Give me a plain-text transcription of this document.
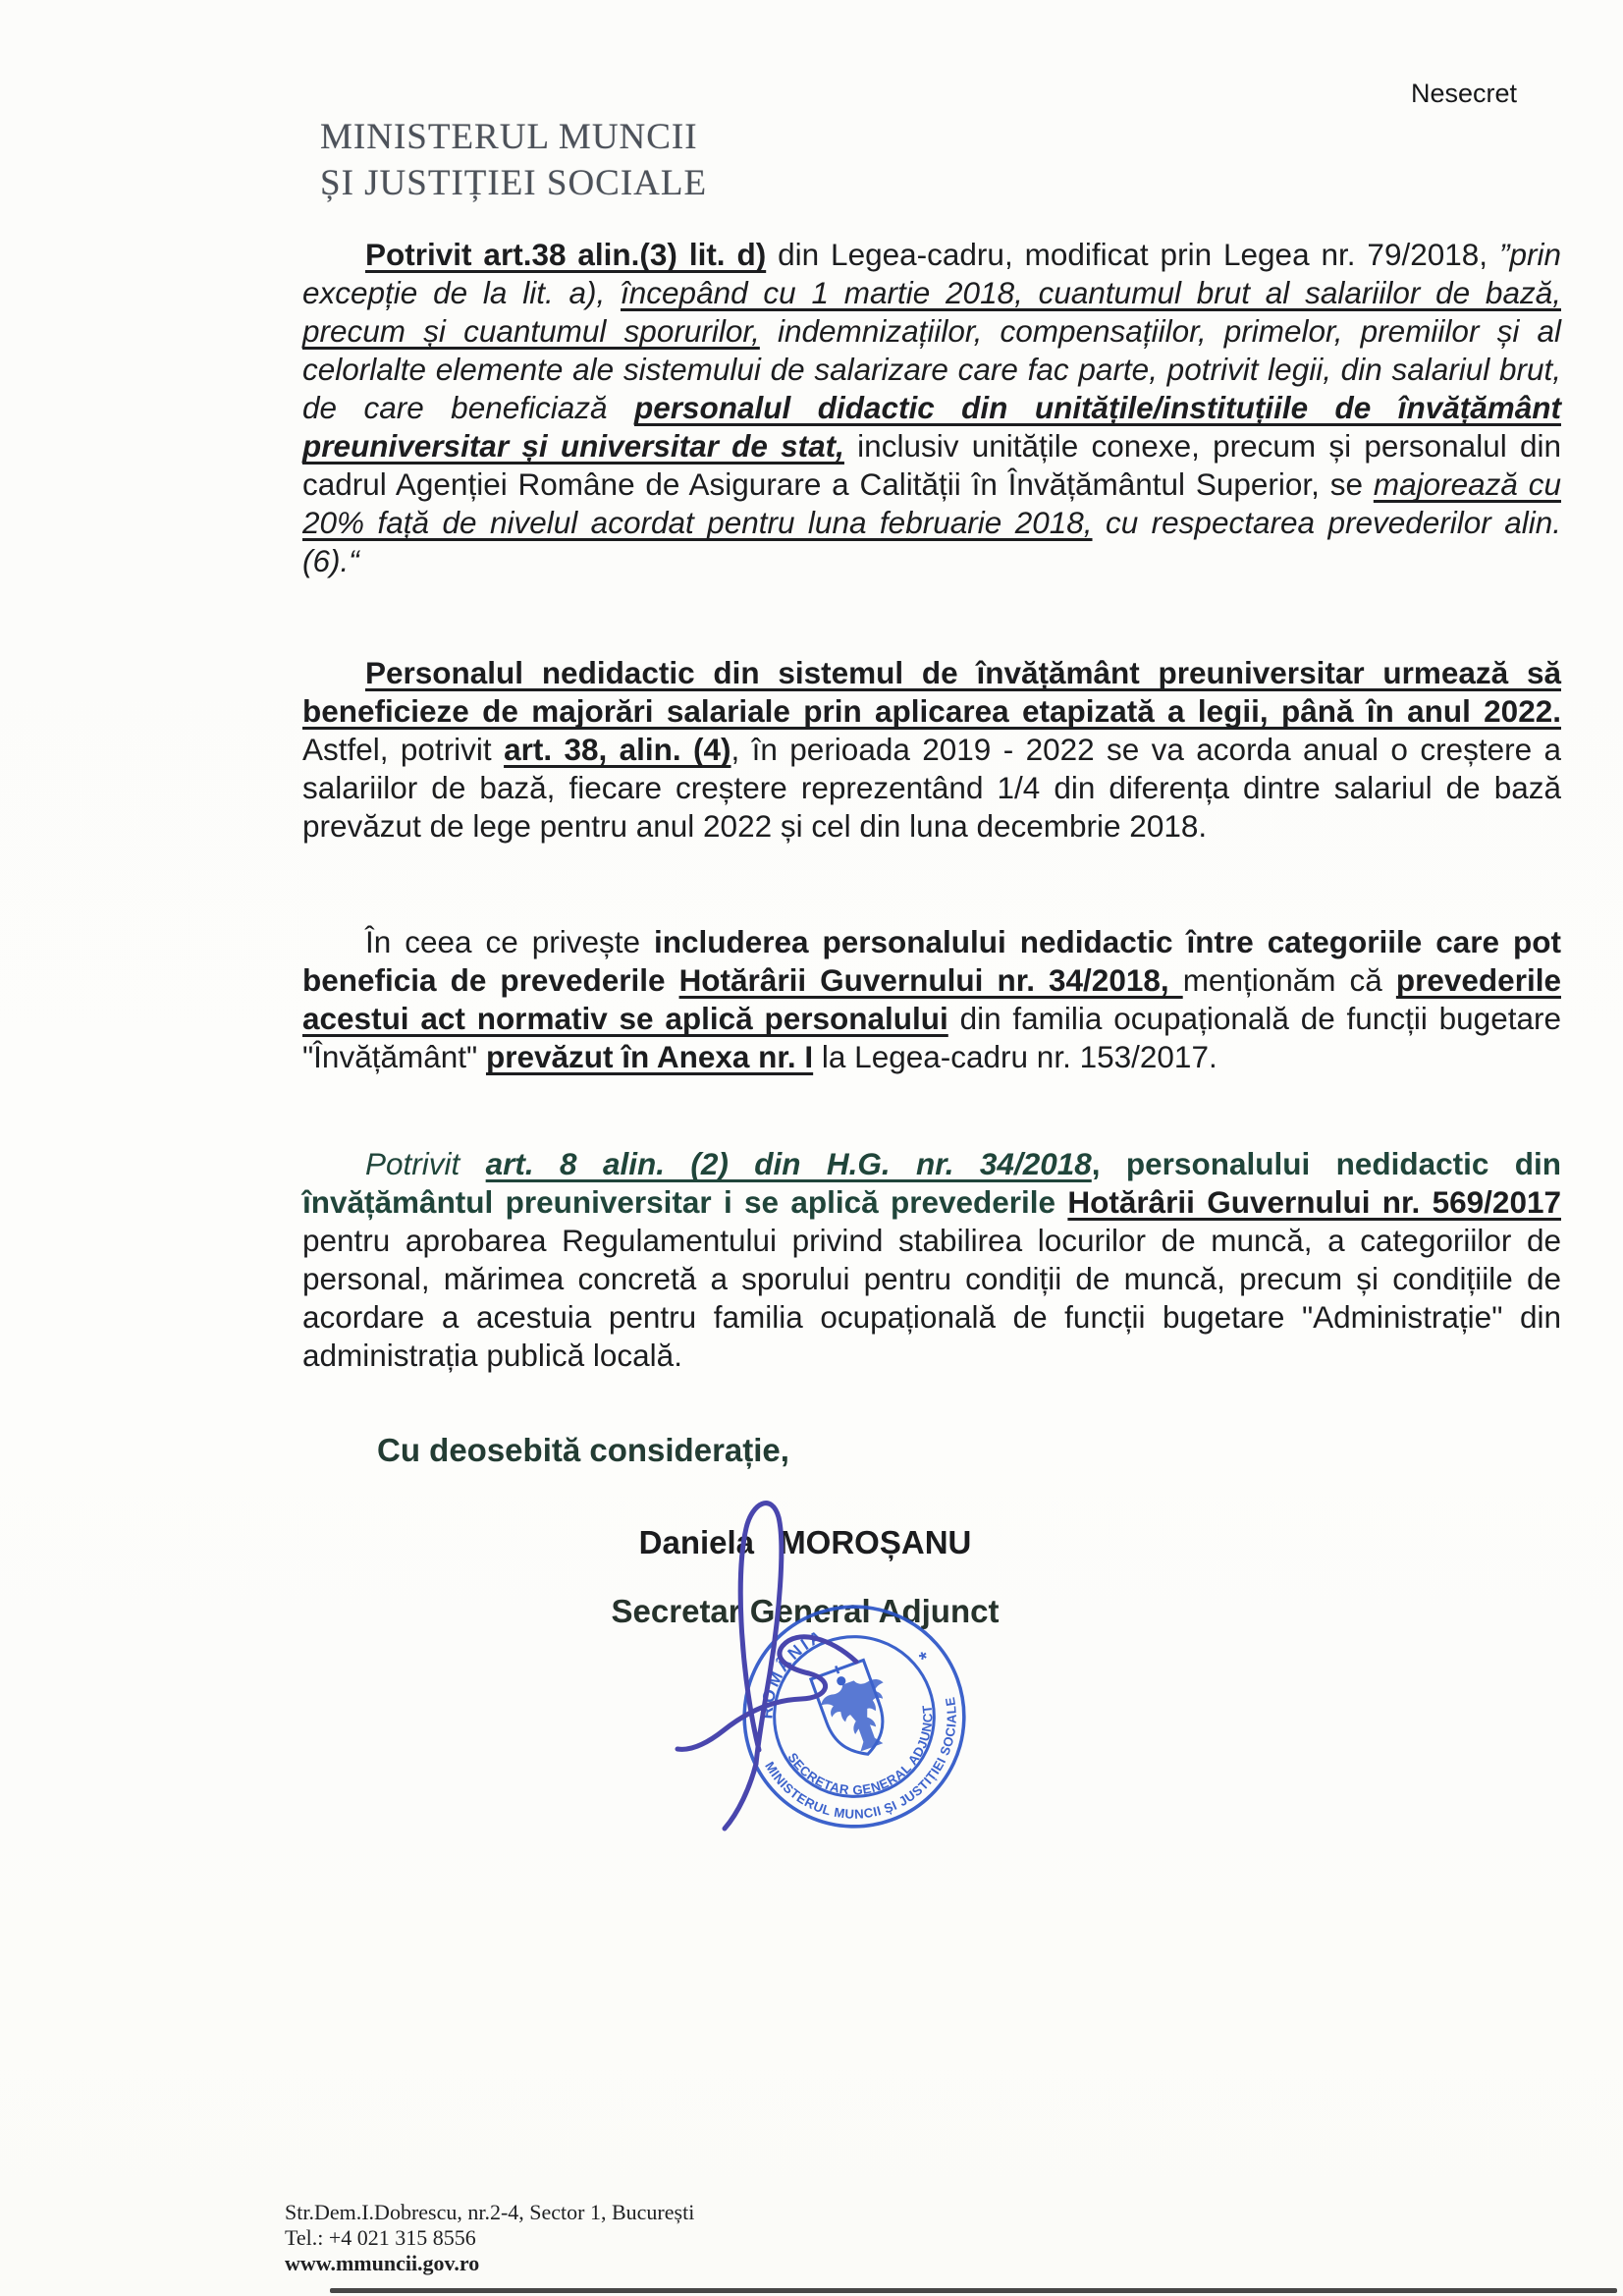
Nesecret
MINISTERUL MUNCII
ȘI JUSTIȚIEI SOCIALE

Potrivit art.38 alin.(3) lit. d) din Legea-cadru, modificat prin Legea nr. 79/2018, ”prin excepție de la lit. a), începând cu 1 martie 2018, cuantumul brut al salariilor de bază, precum și cuantumul sporurilor, indemnizațiilor, compensațiilor, primelor, premiilor și al celorlalte elemente ale sistemului de salarizare care fac parte, potrivit legii, din salariul brut, de care beneficiază personalul didactic din unitățile/instituțiile de învățământ preuniversitar și universitar de stat, inclusiv unitățile conexe, precum și personalul din cadrul Agenției Române de Asigurare a Calității în Învățământul Superior, se majorează cu 20% față de nivelul acordat pentru luna februarie 2018, cu respectarea prevederilor alin. (6).“

Personalul nedidactic din sistemul de învățământ preuniversitar urmează să beneficieze de majorări salariale prin aplicarea etapizată a legii, până în anul 2022. Astfel, potrivit art. 38, alin. (4), în perioada 2019 - 2022 se va acorda anual o creștere a salariilor de bază, fiecare creștere reprezentând 1/4 din diferența dintre salariul de bază prevăzut de lege pentru anul 2022 și cel din luna decembrie 2018.

În ceea ce privește includerea personalului nedidactic între categoriile care pot beneficia de prevederile Hotărârii Guvernului nr. 34/2018, menționăm că prevederile acestui act normativ se aplică personalului din familia ocupațională de funcții bugetare "Învățământ" prevăzut în Anexa nr. I la Legea-cadru nr. 153/2017.

Potrivit art. 8 alin. (2) din H.G. nr. 34/2018, personalului nedidactic din învățământul preuniversitar i se aplică prevederile Hotărârii Guvernului nr. 569/2017 pentru aprobarea Regulamentului privind stabilirea locurilor de muncă, a categoriilor de personal, mărimea concretă a sporului pentru condiții de muncă, precum și condițiile de acordare a acestuia pentru familia ocupațională de funcții bugetare "Administrație" din administrația publică locală.

Cu deosebită considerație,
Daniela MOROȘANU
Secretar General Adjunct
ROMÂNIA
*
MINISTERUL MUNCII ȘI JUSTIȚIEI SOCIALE
SECRETAR GENERAL ADJUNCT
Str.Dem.I.Dobrescu, nr.2-4, Sector 1, București
Tel.: +4 021 315 8556
www.mmuncii.gov.ro
